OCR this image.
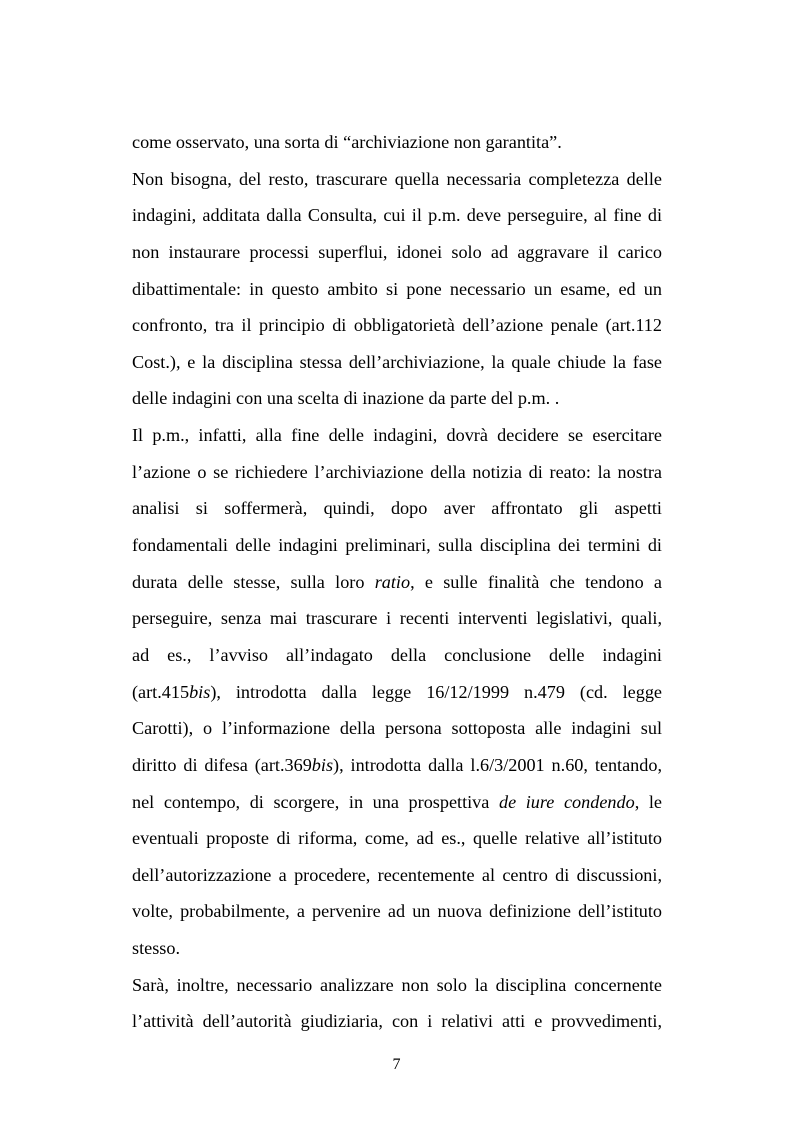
come osservato, una sorta di “archiviazione non garantita”.
Non bisogna, del resto, trascurare quella necessaria completezza delle
indagini, additata dalla Consulta, cui il p.m. deve perseguire, al fine di
non instaurare processi superflui, idonei solo ad aggravare il carico
dibattimentale: in questo ambito si pone necessario un esame, ed un
confronto, tra il principio di obbligatorietà dell’azione penale (art.112
Cost.), e la disciplina stessa dell’archiviazione, la quale chiude la fase
delle indagini con una scelta di inazione da parte del p.m. .
Il p.m., infatti, alla fine delle indagini, dovrà decidere se esercitare
l’azione o se richiedere l’archiviazione della notizia di reato: la nostra
analisi si soffermerà, quindi, dopo aver affrontato gli aspetti
fondamentali delle indagini preliminari, sulla disciplina dei termini di
durata delle stesse, sulla loro ratio, e sulle finalità che tendono a
perseguire, senza mai trascurare i recenti interventi legislativi, quali,
ad es., l’avviso all’indagato della conclusione delle indagini
(art.415bis), introdotta dalla legge 16/12/1999 n.479 (cd. legge
Carotti), o l’informazione della persona sottoposta alle indagini sul
diritto di difesa (art.369bis), introdotta dalla l.6/3/2001 n.60, tentando,
nel contempo, di scorgere, in una prospettiva de iure condendo, le
eventuali proposte di riforma, come, ad es., quelle relative all’istituto
dell’autorizzazione a procedere, recentemente al centro di discussioni,
volte, probabilmente, a pervenire ad un nuova definizione dell’istituto
stesso.
Sarà, inoltre, necessario analizzare non solo la disciplina concernente
l’attività dell’autorità giudiziaria, con i relativi atti e provvedimenti,
7
